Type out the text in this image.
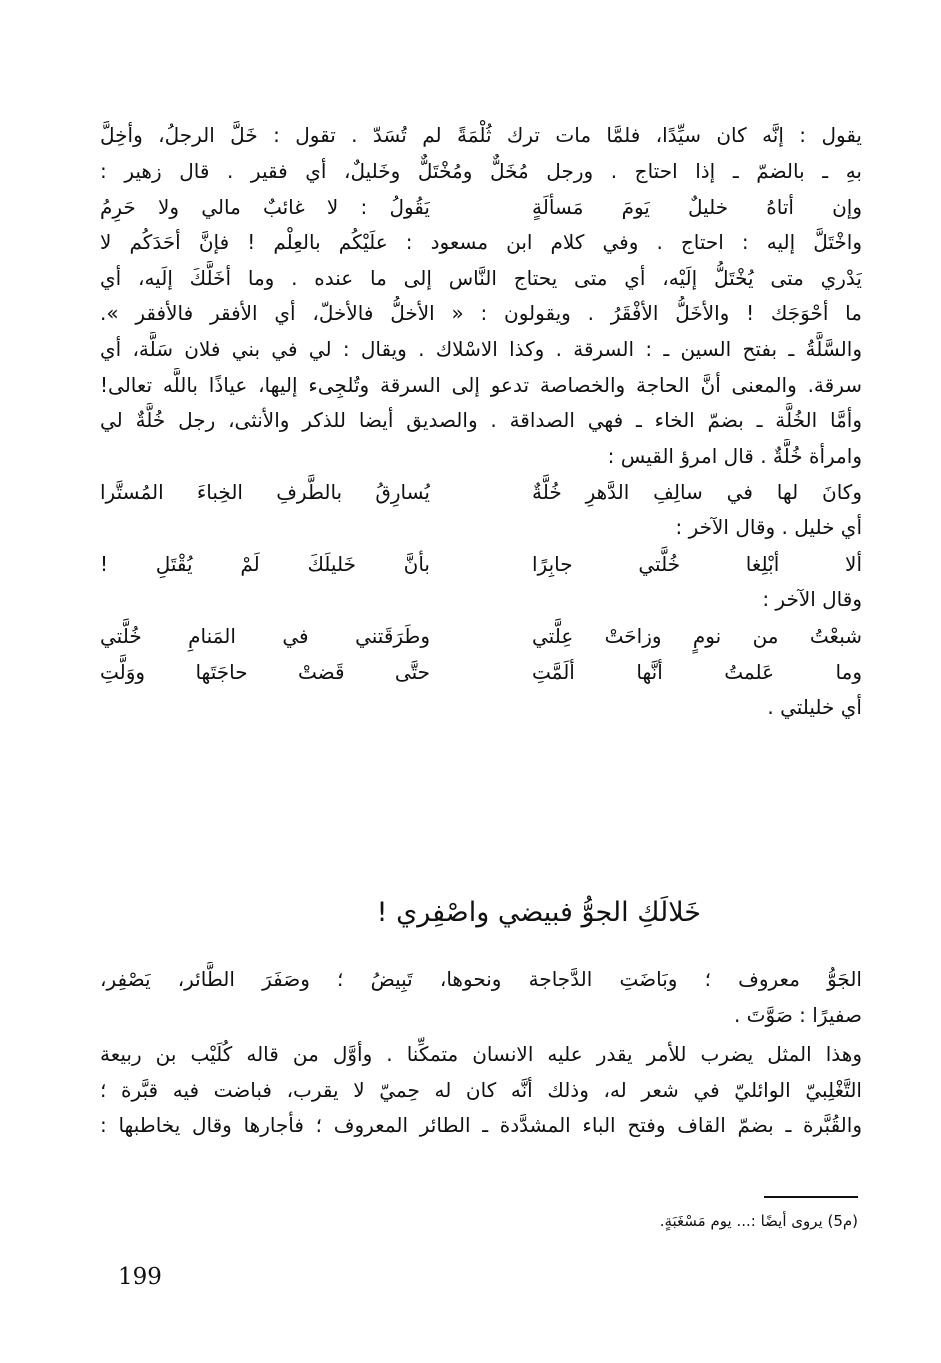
يقول : إنَّه كان سيِّدًا، فلمَّا مات ترك ثُلْمَةً لم تُسَدّ . تقول : خَلَّ الرجلُ، وأخِلَّ
بهِ ـ بالضمّ ـ إذا احتاج . ورجل مُخَلٌّ ومُخْتَلٌّ وخَليلٌ، أي فقير . قال زهير :
وإن أتاهُ خليلٌ يَومَ مَسألَةٍ
يَقُولُ : لا غائبٌ مالي ولا حَرِمُ
واخْتَلَّ إليه : احتاج . وفي كلام ابن مسعود : علَيْكُم بالعِلْم ! فإنَّ أحَدَكُم لا
يَدْري متى يُخْتَلُّ إلَيْه، أي متى يحتاج النَّاس إلى ما عنده . وما أخَلَّكَ إلَيه، أي
ما أحْوَجَك ! والأخَلُّ الأفْقَرُ . ويقولون : « الأخلُّ فالأخلّ، أي الأفقر فالأفقر ».
والسَّلَّةُ ـ بفتح السين ـ : السرقة . وكذا الاسْلاك . ويقال : لي في بني فلان سَلَّة، أي
سرقة. والمعنى أنَّ الحاجة والخصاصة تدعو إلى السرقة وتُلجِىء إليها، عياذًا باللَّه تعالى!
وأمَّا الخُلَّة ـ بضمّ الخاء ـ فهي الصداقة . والصديق أيضا للذكر والأنثى، رجل خُلَّةٌ لي
وامرأة خُلَّةٌ . قال امرؤ القيس :
وكانَ لها في سالِفِ الدَّهرِ خُلَّةٌ
يُسارِقُ بالطَّرفِ الخِباءَ المُستَّرا
أي خليل . وقال الآخر :
ألا أبْلِغا خُلَّتي جابِرًا
بأنَّ خَليلَكَ لَمْ يُقْتَلِ !
وقال الآخر :
شبعْتُ من نومٍ وزاحَتْ عِلَّتي
وطَرَقَتني في المَنامِ خُلَّتي
وما عَلمتُ أنَّها ألَمَّتِ
حتَّى قَضتْ حاجَتَها ووَلَّتِ
أي خليلتي .
خَلالَكِ الجوُّ فبيضي واصْفِري !
الجَوُّ معروف ؛ وبَاضَتِ الدَّجاجة ونحوها، تَبِيضُ ؛ وصَفَرَ الطَّائر، يَصْفِر،
صفيرًا : صَوَّتَ .
وهذا المثل يضرب للأمر يقدر عليه الانسان متمكِّنا . وأوَّل من قاله كُلَيْب بن ربيعة
التَّغْلِبيّ الوائليّ في شعر له، وذلك أنَّه كان له حِميّ لا يقرب، فباضت فيه قبَّرة ؛
والقُبَّرة ـ بضمّ القاف وفتح الباء المشدَّدة ـ الطائر المعروف ؛ فأجارها وقال يخاطبها :
(م5) يروى أيضًا :... يوم مَسْغَبَةٍ.
199
